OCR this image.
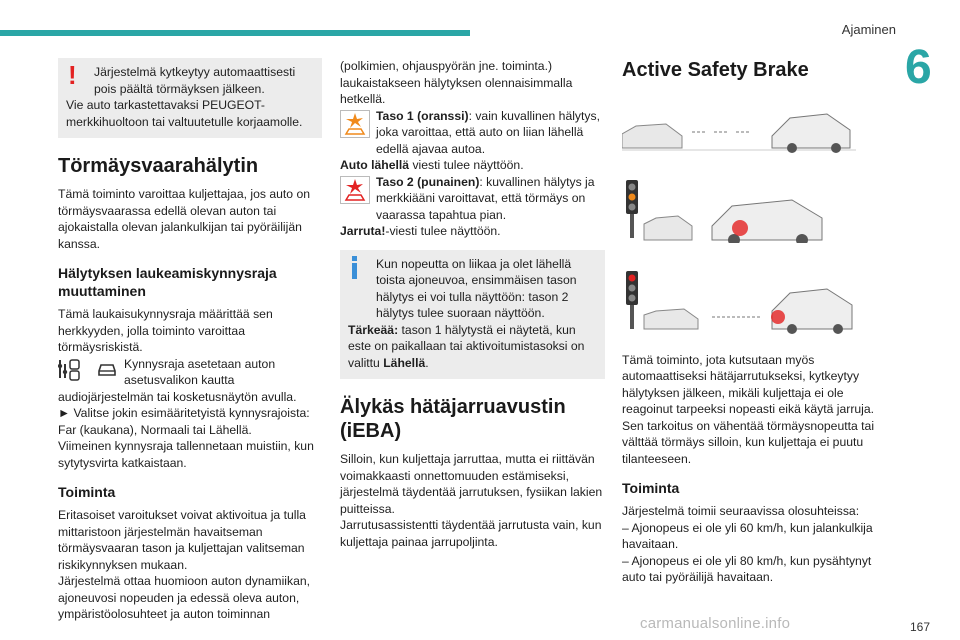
Ajaminen
6
!	Järjestelmä kytkeytyy automaattisesti pois päältä törmäyksen jälkeen.

Vie auto tarkastettavaksi PEUGEOT-merkkihuoltoon tai valtuutetulle korjaamolle.

Törmäysvaarahälytin

Tämä toiminto varoittaa kuljettajaa, jos auto on törmäysvaarassa edellä olevan auton tai ajokaistalla olevan jalankulkijan tai pyöräilijän kanssa.

Hälytyksen laukeamiskynnysraja muuttaminen

Tämä laukaisukynnysraja määrittää sen herkkyyden, jolla toiminto varoittaa törmäysriskistä.

Kynnysraja asetetaan auton asetusvalikon kautta

audiojärjestelmän tai kosketusnäytön avulla.

► Valitse jokin esimääritetyistä kynnysrajoista: Far (kaukana), Normaali tai Lähellä.

Viimeinen kynnysraja tallennetaan muistiin, kun sytytysvirta katkaistaan.

Toiminta

Eritasoiset varoitukset voivat aktivoitua ja tulla mittaristoon järjestelmän havaitseman törmäysvaaran tason ja kuljettajan valitseman riskikynnyksen mukaan.

Järjestelmä ottaa huomioon auton dynamiikan, ajoneuvosi nopeuden ja edessä oleva auton, ympäristöolosuhteet ja auton toiminnan

(polkimien, ohjauspyörän jne. toiminta.) laukaistakseen hälytyksen olennaisimmalla hetkellä.

Taso 1 (oranssi): vain kuvallinen hälytys, joka varoittaa, että auto on liian lähellä edellä ajavaa autoa.

Auto lähellä viesti tulee näyttöön.

Taso 2 (punainen): kuvallinen hälytys ja merkkiääni varoittavat, että törmäys on vaarassa tapahtua pian.

Jarruta!-viesti tulee näyttöön.

Kun nopeutta on liikaa ja olet lähellä toista ajoneuvoa, ensimmäisen tason hälytys ei voi tulla näyttöön: tason 2 hälytys tulee suoraan näyttöön.

Tärkeää: tason 1 hälytystä ei näytetä, kun este on paikallaan tai aktivoitumistasoksi on valittu Lähellä.

Älykäs hätäjarruavustin (iEBA)

Silloin, kun kuljettaja jarruttaa, mutta ei riittävän voimakkaasti onnettomuuden estämiseksi, järjestelmä täydentää jarrutuksen, fysiikan lakien puitteissa.

Jarrutusassistentti täydentää jarrutusta vain, kun kuljettaja painaa jarrupoljinta.

Active Safety Brake

Tämä toiminto, jota kutsutaan myös automaattiseksi hätäjarrutukseksi, kytkeytyy hälytyksen jälkeen, mikäli kuljettaja ei ole reagoinut tarpeeksi nopeasti eikä käytä jarruja.

Sen tarkoitus on vähentää törmäysnopeutta tai välttää törmäys silloin, kun kuljettaja ei puutu tilanteeseen.

Toiminta

Järjestelmä toimii seuraavissa olosuhteissa:

– Ajonopeus ei ole yli 60 km/h, kun jalankulkija havaitaan.

– Ajonopeus ei ole yli 80 km/h, kun pysähtynyt auto tai pyöräilijä havaitaan.

carmanualsonline.info	167
